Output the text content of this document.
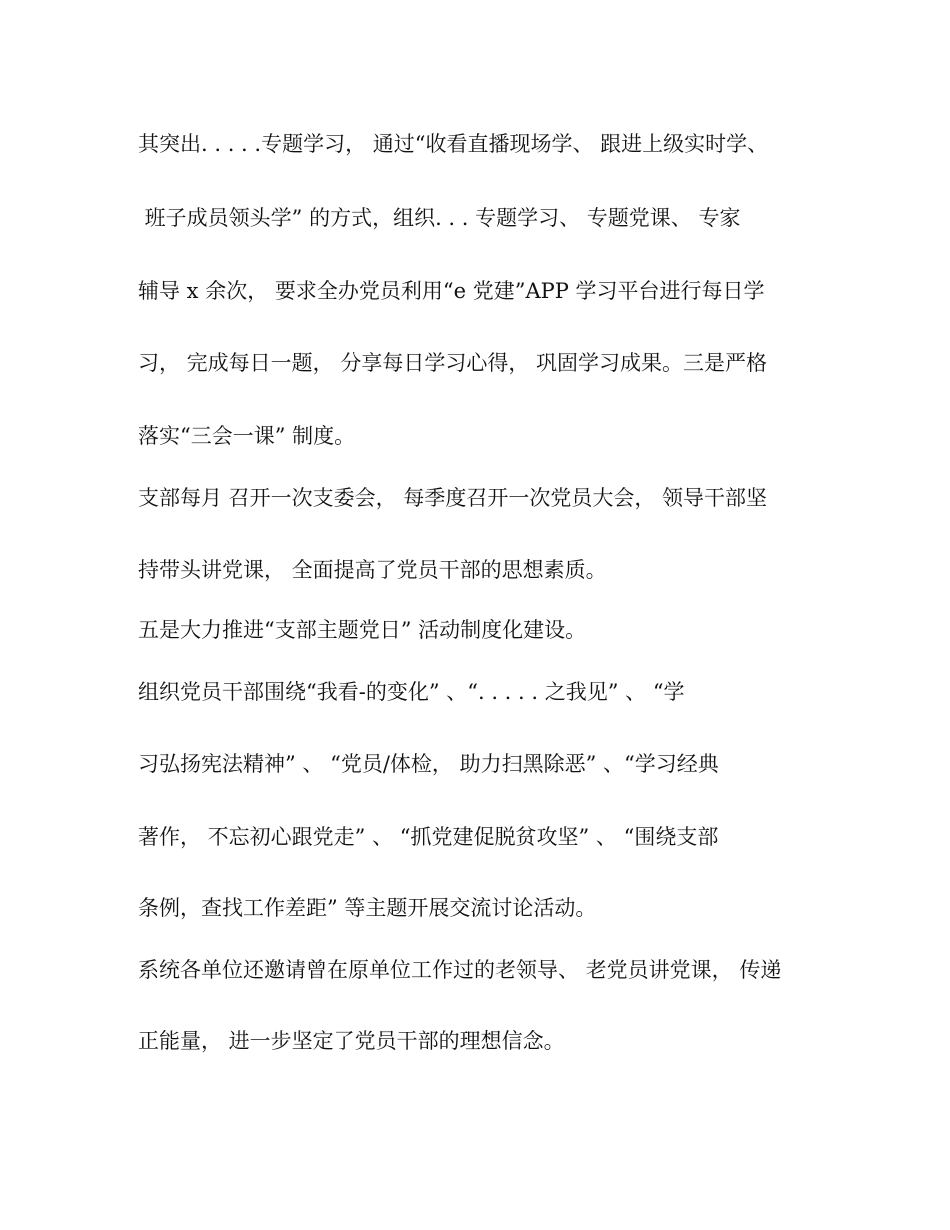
其突出. . . . .专题学习， 通过“收看直播现场学、 跟进上级实时学、

班子成员领头学” 的方式，组织. . . 专题学习、 专题党课、 专家

辅导 x 余次， 要求全办党员利用“e 党建”APP 学习平台进行每日学

习， 完成每日一题， 分享每日学习心得， 巩固学习成果。三是严格

落实“三会一课” 制度。

支部每月 召开一次支委会， 每季度召开一次党员大会， 领导干部坚

持带头讲党课， 全面提高了党员干部的思想素质。

五是大力推进“支部主题党日” 活动制度化建设。

组织党员干部围绕“我看-的变化” 、“. . . . . 之我见” 、 “学

习弘扬宪法精神” 、 “党员/体检， 助力扫黑除恶” 、“学习经典

著作， 不忘初心跟党走” 、 “抓党建促脱贫攻坚” 、 “围绕支部

条例，查找工作差距” 等主题开展交流讨论活动。

系统各单位还邀请曾在原单位工作过的老领导、 老党员讲党课， 传递

正能量， 进一步坚定了党员干部的理想信念。
